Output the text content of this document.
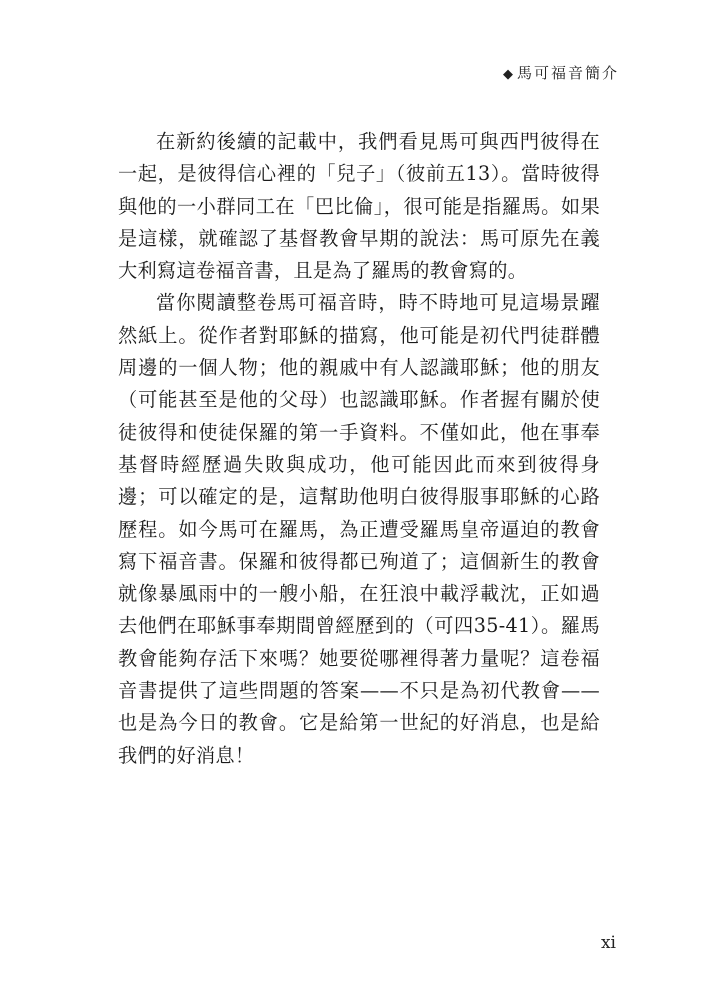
◆ 馬可福音簡介

在新約後續的記載中，我們看見馬可與西門彼得在一起，是彼得信心裡的「兒子」（彼前五13）。當時彼得與他的一小群同工在「巴比倫」，很可能是指羅馬。如果是這樣，就確認了基督教會早期的說法：馬可原先在義大利寫這卷福音書，且是為了羅馬的教會寫的。

當你閱讀整卷馬可福音時，時不時地可見這場景躍然紙上。從作者對耶穌的描寫，他可能是初代門徒群體周邊的一個人物；他的親戚中有人認識耶穌；他的朋友（可能甚至是他的父母）也認識耶穌。作者握有關於使徒彼得和使徒保羅的第一手資料。不僅如此，他在事奉基督時經歷過失敗與成功，他可能因此而來到彼得身邊；可以確定的是，這幫助他明白彼得服事耶穌的心路歷程。如今馬可在羅馬，為正遭受羅馬皇帝逼迫的教會寫下福音書。保羅和彼得都已殉道了；這個新生的教會就像暴風雨中的一艘小船，在狂浪中載浮載沈，正如過去他們在耶穌事奉期間曾經歷到的（可四35-41）。羅馬教會能夠存活下來嗎？她要從哪裡得著力量呢？這卷福音書提供了這些問題的答案——不只是為初代教會——也是為今日的教會。它是給第一世紀的好消息，也是給我們的好消息！

xi
